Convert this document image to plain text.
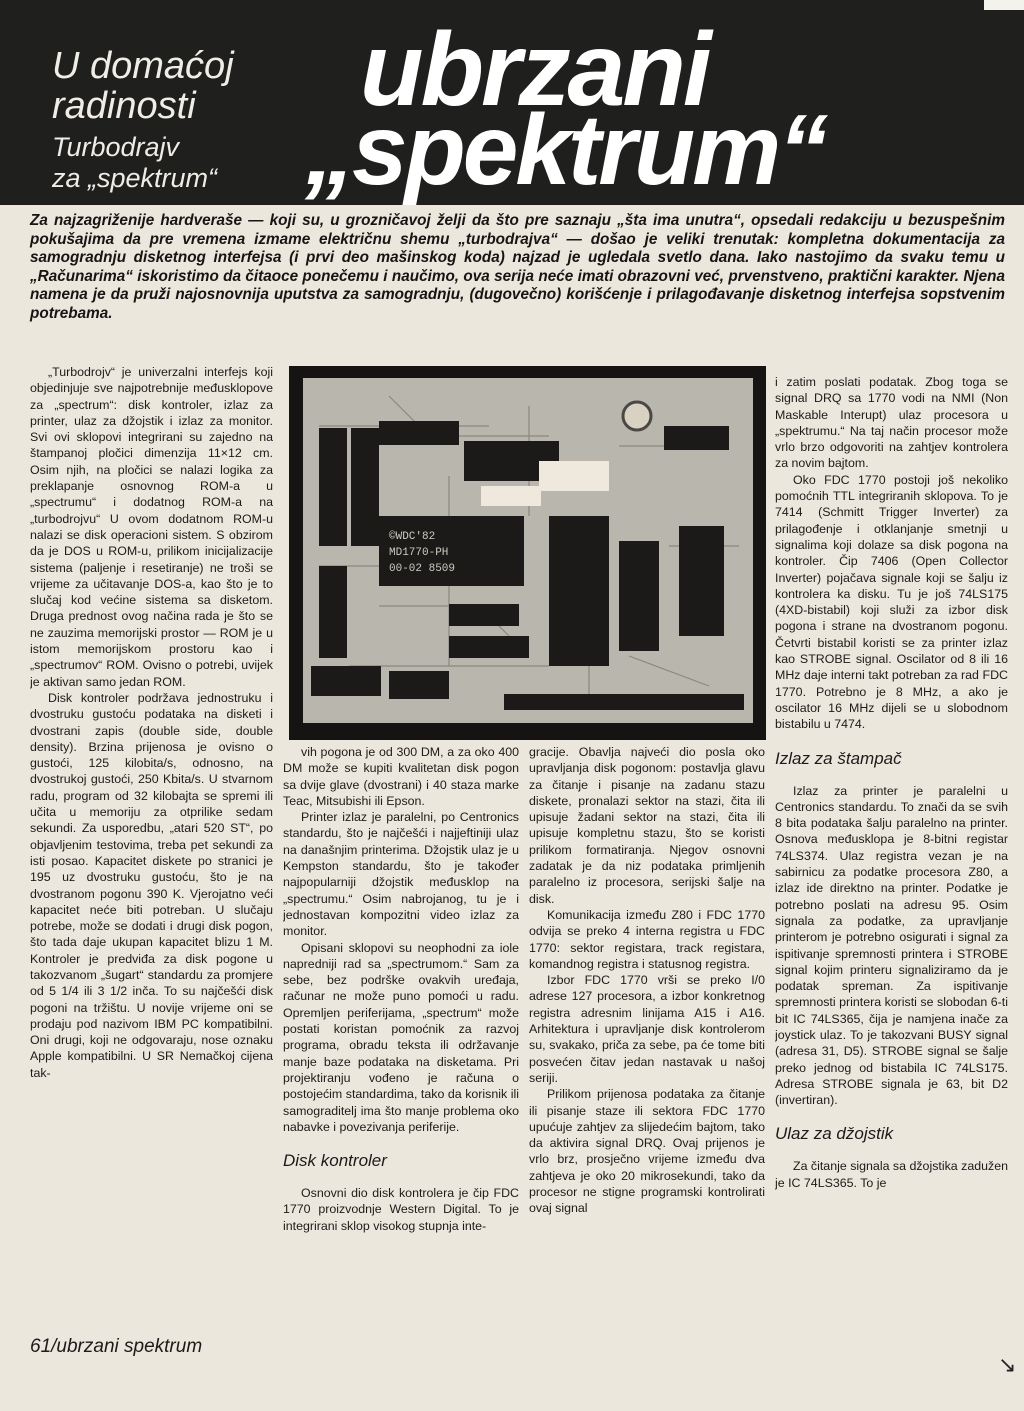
U domaćoj
radinosti
Turbodrajv
za „spektrum“
ubrzani
„spektrum“
Za najzagriženije hardveraše — koji su, u grozničavoj želji da što pre saznaju „šta ima unutra“, opsedali redakciju u bezuspešnim pokušajima da pre vremena izmame električnu shemu „turbodrajva“ — došao je veliki trenutak: kompletna dokumentacija za samogradnju disketnog interfejsa (i prvi deo mašinskog koda) najzad je ugledala svetlo dana. Iako nastojimo da svaku temu u „Računarima“ iskoristimo da čitaoce ponečemu i naučimo, ova serija neće imati obrazovni već, prvenstveno, praktični karakter. Njena namena je da pruži najosnovnija uputstva za samogradnju, (dugovečno) korišćenje i prilagođavanje disketnog interfejsa sopstvenim potrebama.

„Turbodrojv“ je univerzalni interfejs koji objedinjuje sve najpotrebnije međusklopove za „spectrum“: disk kontroler, izlaz za printer, ulaz za džojstik i izlaz za monitor. Svi ovi sklopovi integrirani su zajedno na štampanoj pločici dimenzija 11×12 cm. Osim njih, na pločici se nalazi logika za preklapanje osnovnog ROM-a u „spectrumu“ i dodatnog ROM-a na „turbodrojvu“ U ovom dodatnom ROM-u nalazi se disk operacioni sistem. S obzirom da je DOS u ROM-u, prilikom inicijalizacije sistema (paljenje i resetiranje) ne troši se vrijeme za učitavanje DOS-a, kao što je to slučaj kod većine sistema sa disketom. Druga prednost ovog načina rada je što se ne zauzima memorijski prostor — ROM je u istom memorijskom prostoru kao i „spectrumov“ ROM. Ovisno o potrebi, uvijek je aktivan samo jedan ROM.

Disk kontroler podržava jednostruku i dvostruku gustoću podataka na disketi i dvostrani zapis (double side, double density). Brzina prijenosa je ovisno o gustoći, 125 kilobita/s, odnosno, na dvostrukoj gustoći, 250 Kbita/s. U stvarnom radu, program od 32 kilobajta se spremi ili učita u memoriju za otprilike sedam sekundi. Za usporedbu, „atari 520 ST“, po objavljenim testovima, treba pet sekundi za isti posao. Kapacitet diskete po stranici je 195 uz dvostruku gustoću, što je na dvostranom pogonu 390 K. Vjerojatno veći kapacitet neće biti potreban. U slučaju potrebe, može se dodati i drugi disk pogon, što tada daje ukupan kapacitet blizu 1 M. Kontroler je predviđa za disk pogone u takozvanom „šugart“ standardu za promjere od 5 1/4 ili 3 1/2 inča. To su najčešći disk pogoni na tržištu. U novije vrijeme oni se prodaju pod nazivom IBM PC kompatibilni. Oni drugi, koji ne odgovaraju, nose oznaku Apple kompatibilni. U SR Nemačkoj cijena tak-

©WDC'82
MD1770-PH
00-02 8509

vih pogona je od 300 DM, a za oko 400 DM može se kupiti kvalitetan disk pogon sa dvije glave (dvostrani) i 40 staza marke Teac, Mitsubishi ili Epson.

Printer izlaz je paralelni, po Centronics standardu, što je najčešći i najjeftiniji ulaz na današnjim printerima. Džojstik ulaz je u Kempston standardu, što je također najpopularniji džojstik međusklop na „spectrumu.“ Osim nabrojanog, tu je i jednostavan kompozitni video izlaz za monitor.

Opisani sklopovi su neophodni za iole napredniji rad sa „spectrumom.“ Sam za sebe, bez podrške ovakvih uređaja, računar ne može puno pomoći u radu. Opremljen periferijama, „spectrum“ može postati koristan pomoćnik za razvoj programa, obradu teksta ili održavanje manje baze podataka na disketama. Pri projektiranju vođeno je računa o postojećim standardima, tako da korisnik ili samograditelj ima što manje problema oko nabavke i povezivanja periferije.

Disk kontroler

Osnovni dio disk kontrolera je čip FDC 1770 proizvodnje Western Digital. To je integrirani sklop visokog stupnja inte-

gracije. Obavlja najveći dio posla oko upravljanja disk pogonom: postavlja glavu za čitanje i pisanje na zadanu stazu diskete, pronalazi sektor na stazi, čita ili upisuje žadani sektor na stazi, čita ili upisuje kompletnu stazu, što se koristi prilikom formatiranja. Njegov osnovni zadatak je da niz podataka primljenih paralelno iz procesora, serijski šalje na disk.

Komunikacija između Z80 i FDC 1770 odvija se preko 4 interna registra u FDC 1770: sektor registara, track registara, komandnog registra i statusnog registra.

Izbor FDC 1770 vrši se preko I/0 adrese 127 procesora, a izbor konkretnog registra adresnim linijama A15 i A16. Arhitektura i upravljanje disk kontrolerom su, svakako, priča za sebe, pa će tome biti posvećen čitav jedan nastavak u našoj seriji.

Prilikom prijenosa podataka za čitanje ili pisanje staze ili sektora FDC 1770 upućuje zahtjev za slijedećim bajtom, tako da aktivira signal DRQ. Ovaj prijenos je vrlo brz, prosječno vrijeme između dva zahtjeva je oko 20 mikrosekundi, tako da procesor ne stigne programski kontrolirati ovaj signal

i zatim poslati podatak. Zbog toga se signal DRQ sa 1770 vodi na NMI (Non Maskable Interupt) ulaz procesora u „spektrumu.“ Na taj način procesor može vrlo brzo odgovoriti na zahtjev kontrolera za novim bajtom.

Oko FDC 1770 postoji još nekoliko pomoćnih TTL integriranih sklopova. To je 7414 (Schmitt Trigger Inverter) za prilagođenje i otklanjanje smetnji u signalima koji dolaze sa disk pogona na kontroler. Čip 7406 (Open Collector Inverter) pojačava signale koji se šalju iz kontrolera ka disku. Tu je još 74LS175 (4XD-bistabil) koji služi za izbor disk pogona i strane na dvostranom pogonu. Četvrti bistabil koristi se za printer izlaz kao STROBE signal. Oscilator od 8 ili 16 MHz daje interni takt potreban za rad FDC 1770. Potrebno je 8 MHz, a ako je oscilator 16 MHz dijeli se u slobodnom bistabilu u 7474.

Izlaz za štampač

Izlaz za printer je paralelni u Centronics standardu. To znači da se svih 8 bita podataka šalju paralelno na printer. Osnova međusklopa je 8-bitni registar 74LS374. Ulaz registra vezan je na sabirnicu za podatke procesora Z80, a izlaz ide direktno na printer. Podatke je potrebno poslati na adresu 95. Osim signala za podatke, za upravljanje printerom je potrebno osigurati i signal za ispitivanje spremnosti printera i STROBE signal kojim printeru signaliziramo da je podatak spreman. Za ispitivanje spremnosti printera koristi se slobodan 6-ti bit IC 74LS365, čija je namjena inače za joystick ulaz. To je takozvani BUSY signal (adresa 31, D5). STROBE signal se šalje preko jednog od bistabila IC 74LS175. Adresa STROBE signala je 63, bit D2 (invertiran).

Ulaz za džojstik

Za čitanje signala sa džojstika zadužen je IC 74LS365. To je

61/ubrzani spektrum
↘
